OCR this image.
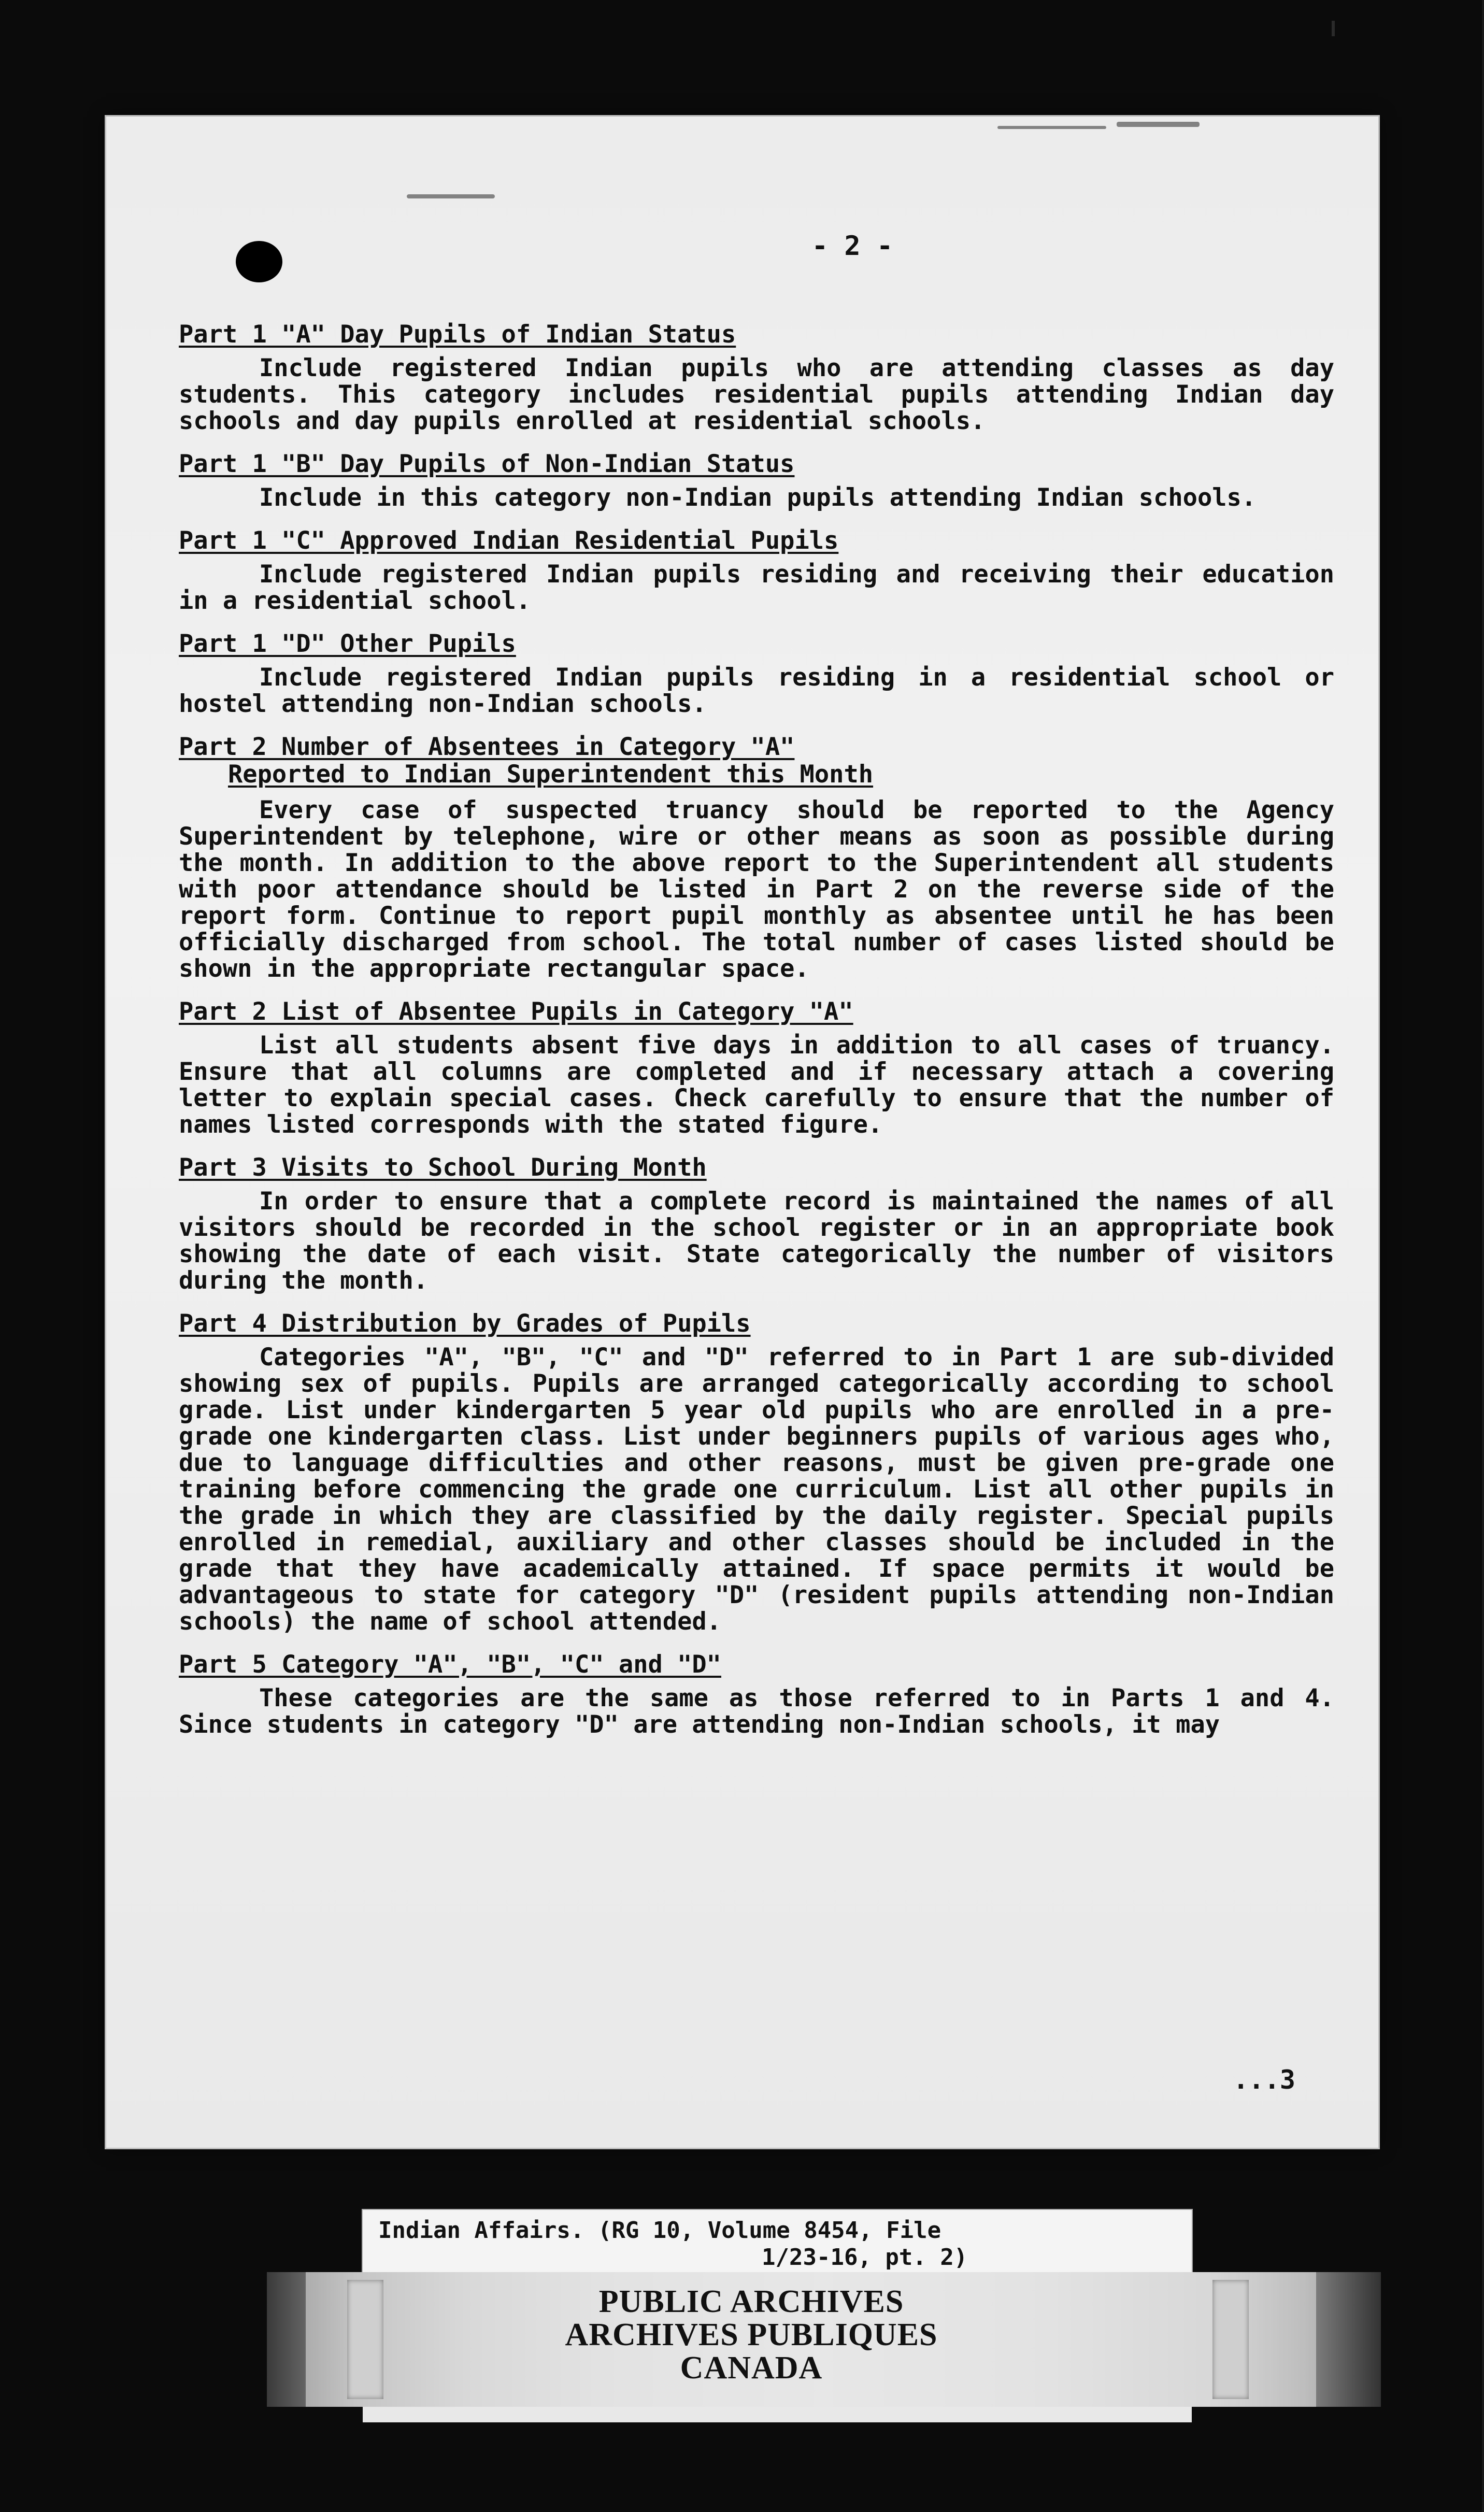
- 2 -
Part 1 "A" Day Pupils of Indian Status

Include registered Indian pupils who are attending classes as day students. This category includes residential pupils attending Indian day schools and day pupils enrolled at residential schools.

Part 1 "B" Day Pupils of Non-Indian Status

Include in this category non-Indian pupils attending Indian schools.

Part 1 "C" Approved Indian Residential Pupils

Include registered Indian pupils residing and receiving their education in a residential school.

Part 1 "D" Other Pupils

Include registered Indian pupils residing in a residential school or hostel attending non-Indian schools.

Part 2 Number of Absentees in Category "A"
Reported to Indian Superintendent this Month

Every case of suspected truancy should be reported to the Agency Superintendent by telephone, wire or other means as soon as possible during the month. In addition to the above report to the Superintendent all students with poor attendance should be listed in Part 2 on the reverse side of the report form. Continue to report pupil monthly as absentee until he has been officially discharged from school. The total number of cases listed should be shown in the appropriate rectangular space.

Part 2 List of Absentee Pupils in Category "A"

List all students absent five days in addition to all cases of truancy. Ensure that all columns are completed and if necessary attach a covering letter to explain special cases. Check carefully to ensure that the number of names listed corresponds with the stated figure.

Part 3 Visits to School During Month

In order to ensure that a complete record is maintained the names of all visitors should be recorded in the school register or in an appropriate book showing the date of each visit. State categorically the number of visitors during the month.

Part 4 Distribution by Grades of Pupils

Categories "A", "B", "C" and "D" referred to in Part 1 are sub-divided showing sex of pupils. Pupils are arranged categorically according to school grade. List under kindergarten 5 year old pupils who are enrolled in a pre-grade one kindergarten class. List under beginners pupils of various ages who, due to language difficulties and other reasons, must be given pre-grade one training before commencing the grade one curriculum. List all other pupils in the grade in which they are classified by the daily register. Special pupils enrolled in remedial, auxiliary and other classes should be included in the grade that they have academically attained. If space permits it would be advantageous to state for category "D" (resident pupils attending non-Indian schools) the name of school attended.

Part 5 Category "A", "B", "C" and "D"

These categories are the same as those referred to in Parts 1 and 4. Since students in category "D" are attending non-Indian schools, it may

...3
Indian Affairs. (RG 10, Volume 8454, File
1/23-16, pt. 2)
PUBLIC ARCHIVES
ARCHIVES PUBLIQUES
CANADA
